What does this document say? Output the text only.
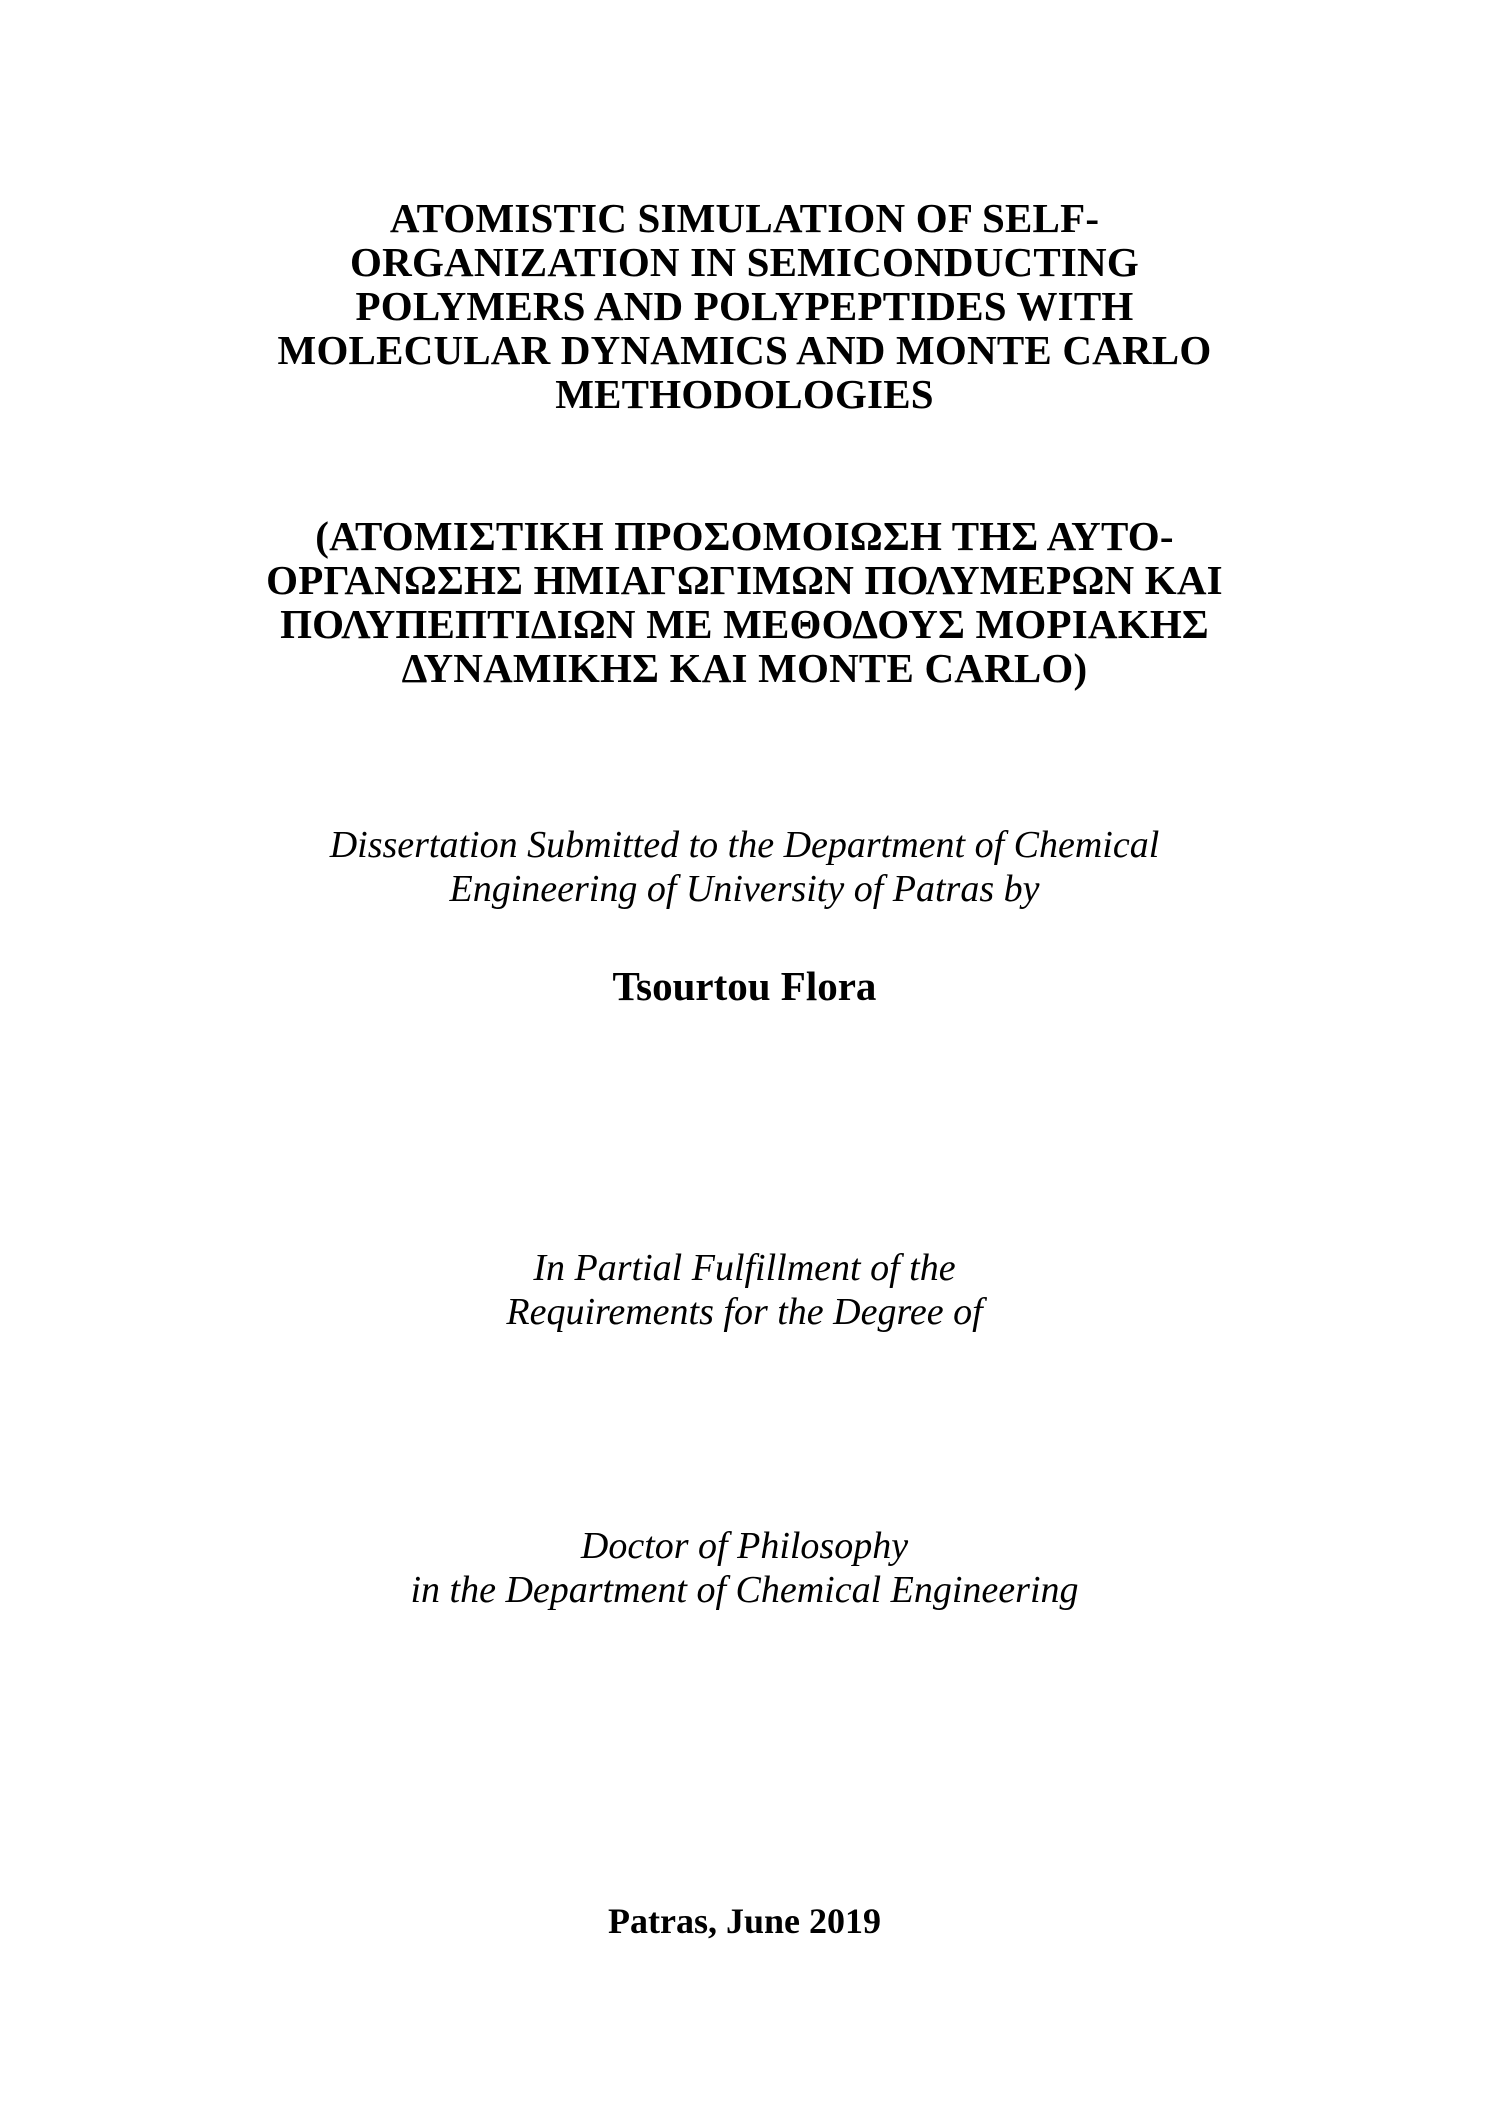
ATOMISTIC SIMULATION OF SELF-
ORGANIZATION IN SEMICONDUCTING
POLYMERS AND POLYPEPTIDES WITH
MOLECULAR DYNAMICS AND MONTE CARLO
METHODOLOGIES
(ΑΤΟΜΙΣΤΙΚΗ ΠΡΟΣΟΜΟΙΩΣΗ ΤΗΣ ΑΥΤΟ-
ΟΡΓΑΝΩΣΗΣ ΗΜΙΑΓΩΓΙΜΩΝ ΠΟΛΥΜΕΡΩΝ ΚΑΙ
ΠΟΛΥΠΕΠΤΙΔΙΩΝ ΜΕ ΜΕΘΟΔΟΥΣ ΜΟΡΙΑΚΗΣ
ΔΥΝΑΜΙΚΗΣ ΚΑΙ MONTE CARLO)
Dissertation Submitted to the Department of Chemical
Engineering of University of Patras by
Tsourtou Flora
In Partial Fulfillment of the
Requirements for the Degree of
Doctor of Philosophy
in the Department of Chemical Engineering
Patras, June 2019
